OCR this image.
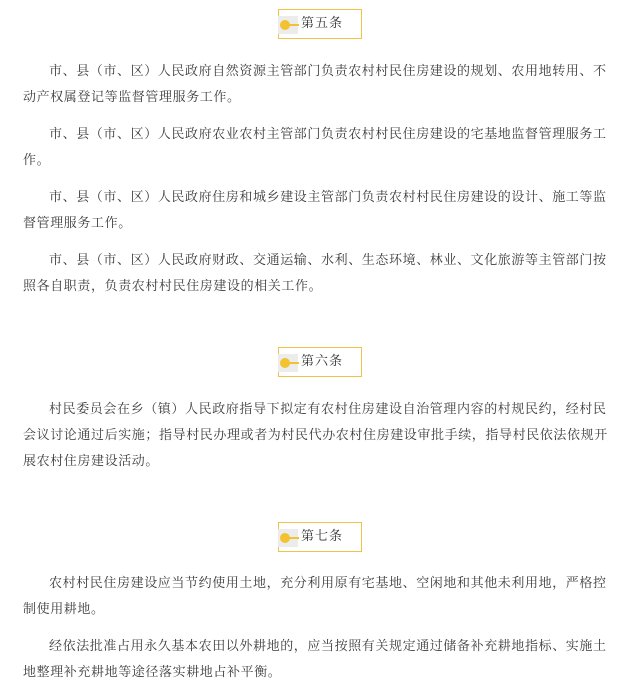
第五条

市、县（市、区）人民政府自然资源主管部门负责农村村民住房建设的规划、农用地转用、不动产权属登记等监督管理服务工作。

市、县（市、区）人民政府农业农村主管部门负责农村村民住房建设的宅基地监督管理服务工作。

市、县（市、区）人民政府住房和城乡建设主管部门负责农村村民住房建设的设计、施工等监督管理服务工作。

市、县（市、区）人民政府财政、交通运输、水利、生态环境、林业、文化旅游等主管部门按照各自职责，负责农村村民住房建设的相关工作。

第六条

村民委员会在乡（镇）人民政府指导下拟定有农村住房建设自治管理内容的村规民约，经村民会议讨论通过后实施；指导村民办理或者为村民代办农村住房建设审批手续，指导村民依法依规开展农村住房建设活动。

第七条

农村村民住房建设应当节约使用土地，充分利用原有宅基地、空闲地和其他未利用地，严格控制使用耕地。

经依法批准占用永久基本农田以外耕地的，应当按照有关规定通过储备补充耕地指标、实施土地整理补充耕地等途径落实耕地占补平衡。
